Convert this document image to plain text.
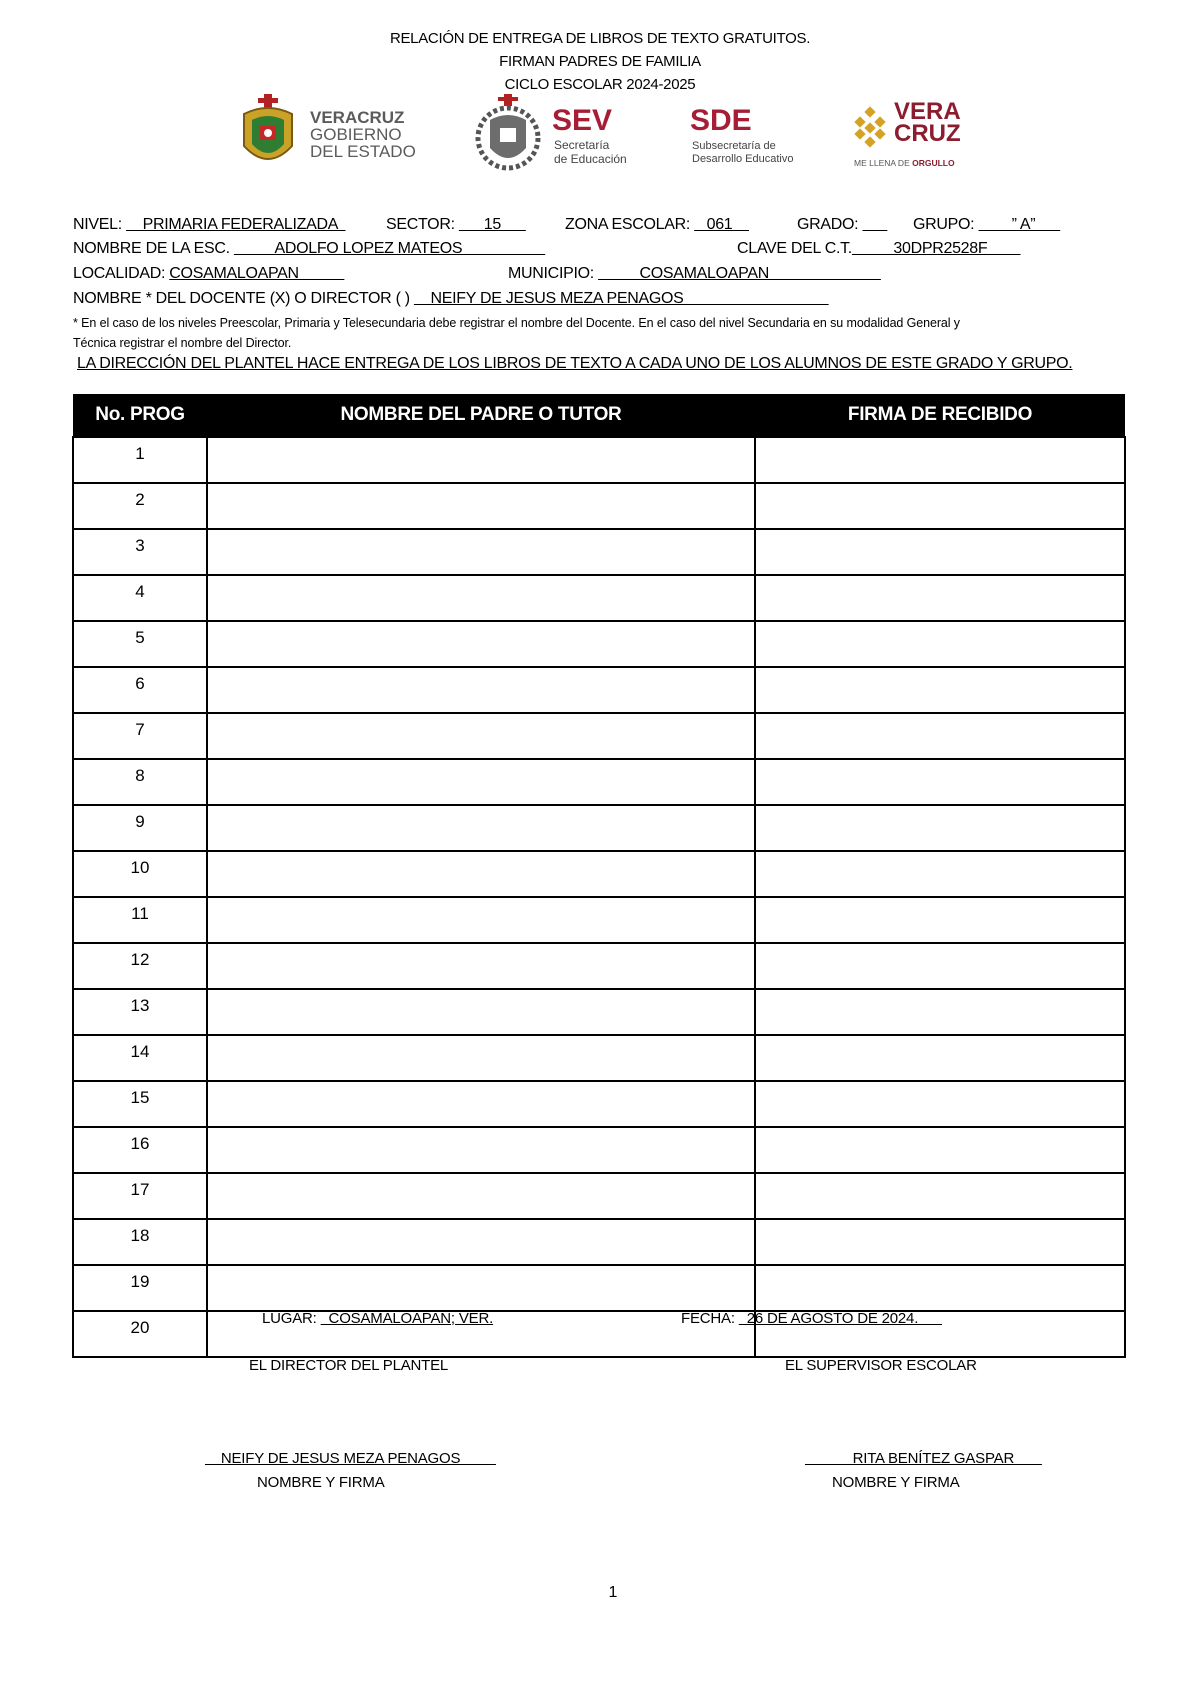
RELACIÓN DE ENTREGA DE LIBROS DE TEXTO GRATUITOS.
FIRMAN PADRES DE FAMILIA
CICLO ESCOLAR 2024-2025
VERACRUZ
GOBIERNO
DEL ESTADO
SEV
Secretaría
de Educación
SDE
Subsecretaría de
Desarrollo Educativo
VERA
CRUZ
ME LLENA DE ORGULLO
NIVEL:     PRIMARIA FEDERALIZADA	SECTOR:       15 ZONA ESCOLAR:    061	GRADO:	GRUPO:         ” A”
NOMBRE DE LA ESC.           ADOLFO LOPEZ MATEOS	CLAVE DEL C.T.          30DPR2528F
LOCALIDAD: COSAMALOAPAN	MUNICIPIO:           COSAMALOAPAN
NOMBRE * DEL DOCENTE (X) O DIRECTOR ( )     NEIFY DE JESUS MEZA PENAGOS
* En el caso de los niveles Preescolar, Primaria y Telesecundaria debe registrar el nombre del Docente. En el caso del nivel Secundaria en su modalidad General y
Técnica registrar el nombre del Director.
LA DIRECCIÓN DEL PLANTEL HACE ENTREGA DE LOS LIBROS DE TEXTO A CADA UNO DE LOS ALUMNOS DE ESTE GRADO Y GRUPO.
No. PROG	NOMBRE DEL PADRE O TUTOR	FIRMA DE RECIBIDO
1		
2		
3		
4		
5		
6		
7		
8		
9		
10		
11		
12		
13		
14		
15		
16		
17		
18		
19		
20			LUGAR:   COSAMALOAPAN; VER.	FECHA:   26 DE AGOSTO DE 2024.
EL DIRECTOR DEL PLANTEL	EL SUPERVISOR ESCOLAR
NEIFY DE JESUS MEZA PENAGOS	RITA BENÍTEZ GASPAR
NOMBRE Y FIRMA	NOMBRE Y FIRMA
1
